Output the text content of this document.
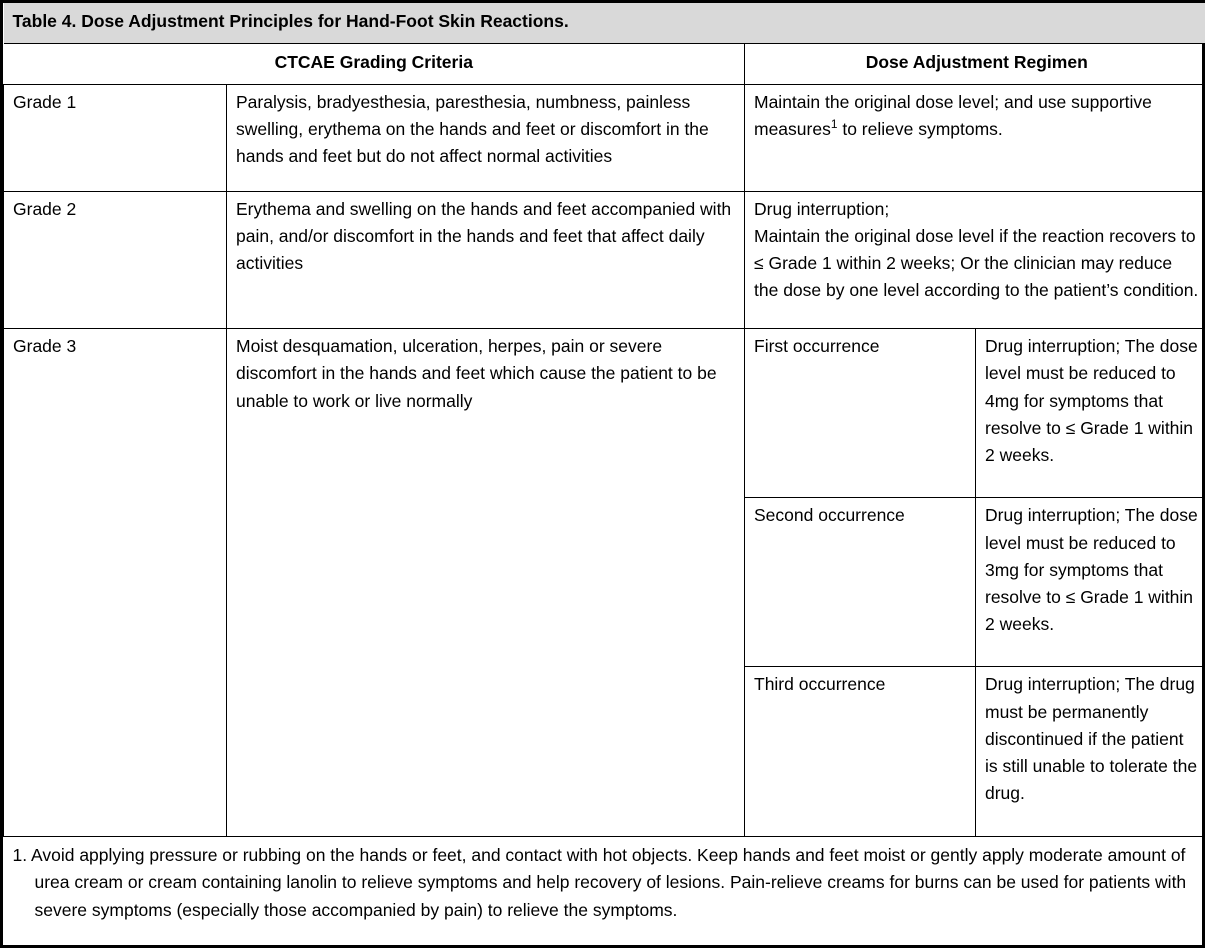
Table 4. Dose Adjustment Principles for Hand-Foot Skin Reactions.			
CTCAE Grading Criteria		Dose Adjustment Regimen	
Grade 1	Paralysis, bradyesthesia, paresthesia, numbness, painless swelling, erythema on the hands and feet or discomfort in the hands and feet but do not affect normal activities	Maintain the original dose level; and use supportive measures$^1$ to relieve symptoms.	
Grade 2	Erythema and swelling on the hands and feet accompanied with pain, and/or discomfort in the hands and feet that affect daily activities	Drug interruption;
Maintain the original dose level if the reaction recovers to ≤ Grade 1 within 2 weeks; Or the clinician may reduce the dose by one level according to the patient’s condition.	

Grade 3	Moist desquamation, ulceration, herpes, pain or severe discomfort in the hands and feet which cause the patient to be unable to work or live normally	First occurrence	Drug interruption; The dose level must be reduced to 4mg for symptoms that resolve to ≤ Grade 1 within 2 weeks.
		Second occurrence	Drug interruption; The dose level must be reduced to 3mg for symptoms that resolve to ≤ Grade 1 within 2 weeks.
		Third occurrence	Drug interruption; The drug must be permanently discontinued if the patient is still unable to tolerate the drug.

1. Avoid applying pressure or rubbing on the hands or feet, and contact with hot objects. Keep hands and feet moist or gently apply moderate amount of urea cream or cream containing lanolin to relieve symptoms and help recovery of lesions. Pain-relieve creams for burns can be used for patients with severe symptoms (especially those accompanied by pain) to relieve the symptoms.			
